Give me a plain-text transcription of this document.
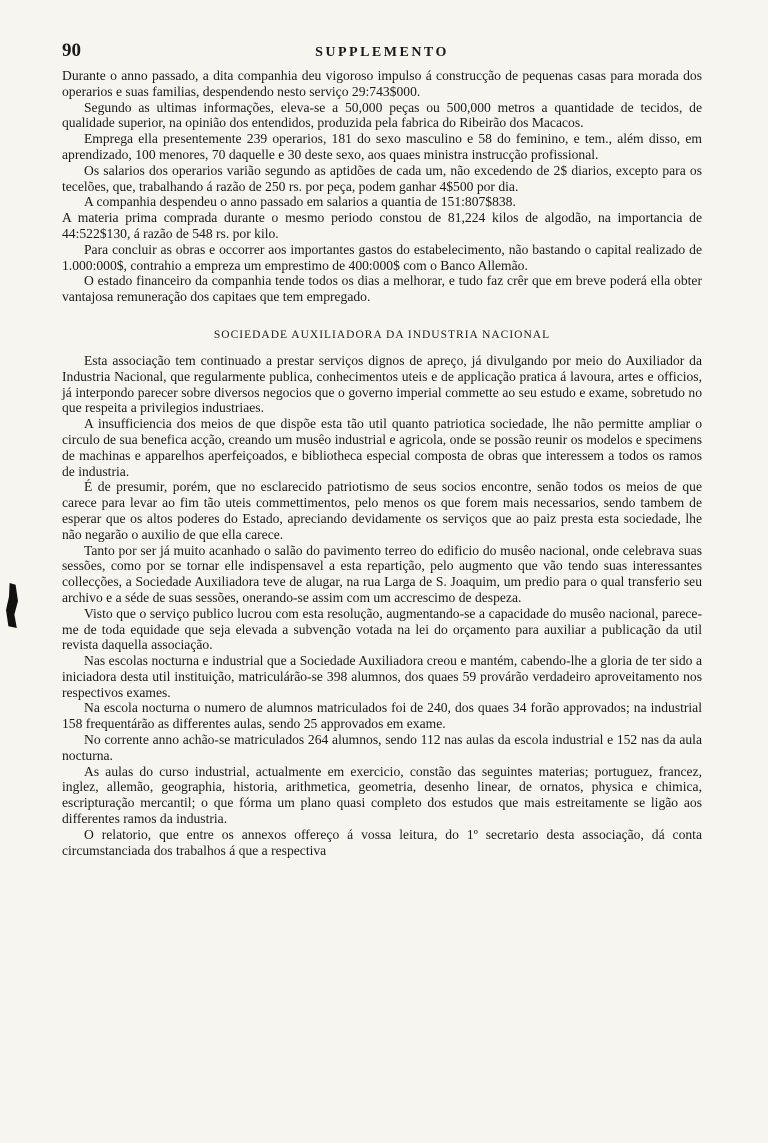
90	SUPPLEMENTO

Durante o anno passado, a dita companhia deu vigoroso impulso á construcção de pequenas casas para morada dos operarios e suas familias, despendendo nesto serviço 29:743$000.

Segundo as ultimas informações, eleva-se a 50,000 peças ou 500,000 metros a quantidade de tecidos, de qualidade superior, na opinião dos entendidos, produzida pela fabrica do Ribeirão dos Macacos.

Emprega ella presentemente 239 operarios, 181 do sexo masculino e 58 do feminino, e tem., além disso, em aprendizado, 100 menores, 70 daquelle e 30 deste sexo, aos quaes ministra instrucção profissional.

Os salarios dos operarios varião segundo as aptidões de cada um, não excedendo de 2$ diarios, excepto para os tecelões, que, trabalhando á razão de 250 rs. por peça, podem ganhar 4$500 por dia.

A companhia despendeu o anno passado em salarios a quantia de 151:807$838.

A materia prima comprada durante o mesmo periodo constou de 81,224 kilos de algodão, na importancia de 44:522$130, á razão de 548 rs. por kilo.

Para concluir as obras e occorrer aos importantes gastos do estabelecimento, não bastando o capital realizado de 1.000:000$, contrahio a empreza um emprestimo de 400:000$ com o Banco Allemão.

O estado financeiro da companhia tende todos os dias a melhorar, e tudo faz crêr que em breve poderá ella obter vantajosa remuneração dos capitaes que tem empregado.

SOCIEDADE AUXILIADORA DA INDUSTRIA NACIONAL

Esta associação tem continuado a prestar serviços dignos de apreço, já divulgando por meio do Auxiliador da Industria Nacional, que regularmente publica, conhecimentos uteis e de applicação pratica á lavoura, artes e officios, já interpondo parecer sobre diversos negocios que o governo imperial commette ao seu estudo e exame, sobretudo no que respeita a privilegios industriaes.

A insufficiencia dos meios de que dispõe esta tão util quanto patriotica sociedade, lhe não permitte ampliar o circulo de sua benefica acção, creando um musêo industrial e agricola, onde se possão reunir os modelos e specimens de machinas e apparelhos aperfeiçoados, e bibliotheca especial composta de obras que interessem a todos os ramos de industria.

É de presumir, porém, que no esclarecido patriotismo de seus socios encontre, senão todos os meios de que carece para levar ao fim tão uteis commettimentos, pelo menos os que forem mais necessarios, sendo tambem de esperar que os altos poderes do Estado, apreciando devidamente os serviços que ao paiz presta esta sociedade, lhe não negarão o auxilio de que ella carece.

Tanto por ser já muito acanhado o salão do pavimento terreo do edificio do musêo nacional, onde celebrava suas sessões, como por se tornar elle indispensavel a esta repartição, pelo augmento que vão tendo suas interessantes collecções, a Sociedade Auxiliadora teve de alugar, na rua Larga de S. Joaquim, um predio para o qual transferio seu archivo e a séde de suas sessões, onerando-se assim com um accrescimo de despeza.

Visto que o serviço publico lucrou com esta resolução, augmentando-se a capacidade do musêo nacional, parece-me de toda equidade que seja elevada a subvenção votada na lei do orçamento para auxiliar a publicação da util revista daquella associação.

Nas escolas nocturna e industrial que a Sociedade Auxiliadora creou e mantém, cabendo-lhe a gloria de ter sido a iniciadora desta util instituição, matriculárão-se 398 alumnos, dos quaes 59 provárão verdadeiro aproveitamento nos respectivos exames.

Na escola nocturna o numero de alumnos matriculados foi de 240, dos quaes 34 forão approvados; na industrial 158 frequentárão as differentes aulas, sendo 25 approvados em exame.

No corrente anno achão-se matriculados 264 alumnos, sendo 112 nas aulas da escola industrial e 152 nas da aula nocturna.

As aulas do curso industrial, actualmente em exercicio, constão das seguintes materias; portuguez, francez, inglez, allemão, geographia, historia, arithmetica, geometria, desenho linear, de ornatos, physica e chimica, escripturação mercantil; o que fórma um plano quasi completo dos estudos que mais estreitamente se ligão aos differentes ramos da industria.

O relatorio, que entre os annexos offereço á vossa leitura, do 1º secretario desta associação, dá conta circumstanciada dos trabalhos á que a respectiva
